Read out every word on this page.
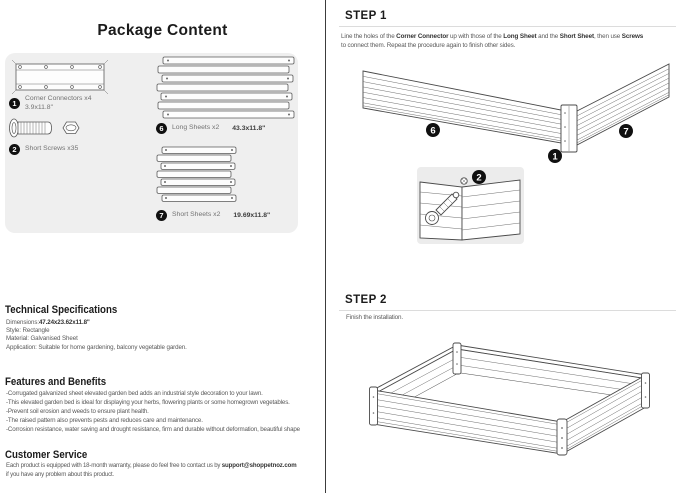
Package Content
1
Corner Connectors x4
3.9x11.8"
2	Short Screws x35
6	Long Sheets x2 43.3x11.8"
7	Short Sheets x2 19.69x11.8"
Technical Specifications
Dimensions:47.24x23.62x11.8"
Style: Rectangle
Material: Galvanised Sheet
Application: Suitable for home gardening, balcony vegetable garden.
Features and Benefits
-Corrugated galvanized sheet elevated garden bed adds an industrial style decoration to your lawn.
-This elevated garden bed is ideal for displaying your herbs, flowering plants or some homegrown vegetables.
-Prevent soil erosion and weeds to ensure plant health.
-The raised pattern also prevents pests and reduces care and maintenance.
-Corrosion resistance, water saving and drought resistance, firm and durable without deformation, beautiful shape
Customer Service
Each product is equipped with 18-month warranty, please do feel free to contact us by support@shoppetnoz.com
if you have any problem about this product.
STEP 1
Line the holes of the Corner Connector up with those of the Long Sheet and the Short Sheet, then use Screws
to connect them. Repeat the procedure again to finish other sides.
6
1
7
2
STEP 2
Finish the installation.
